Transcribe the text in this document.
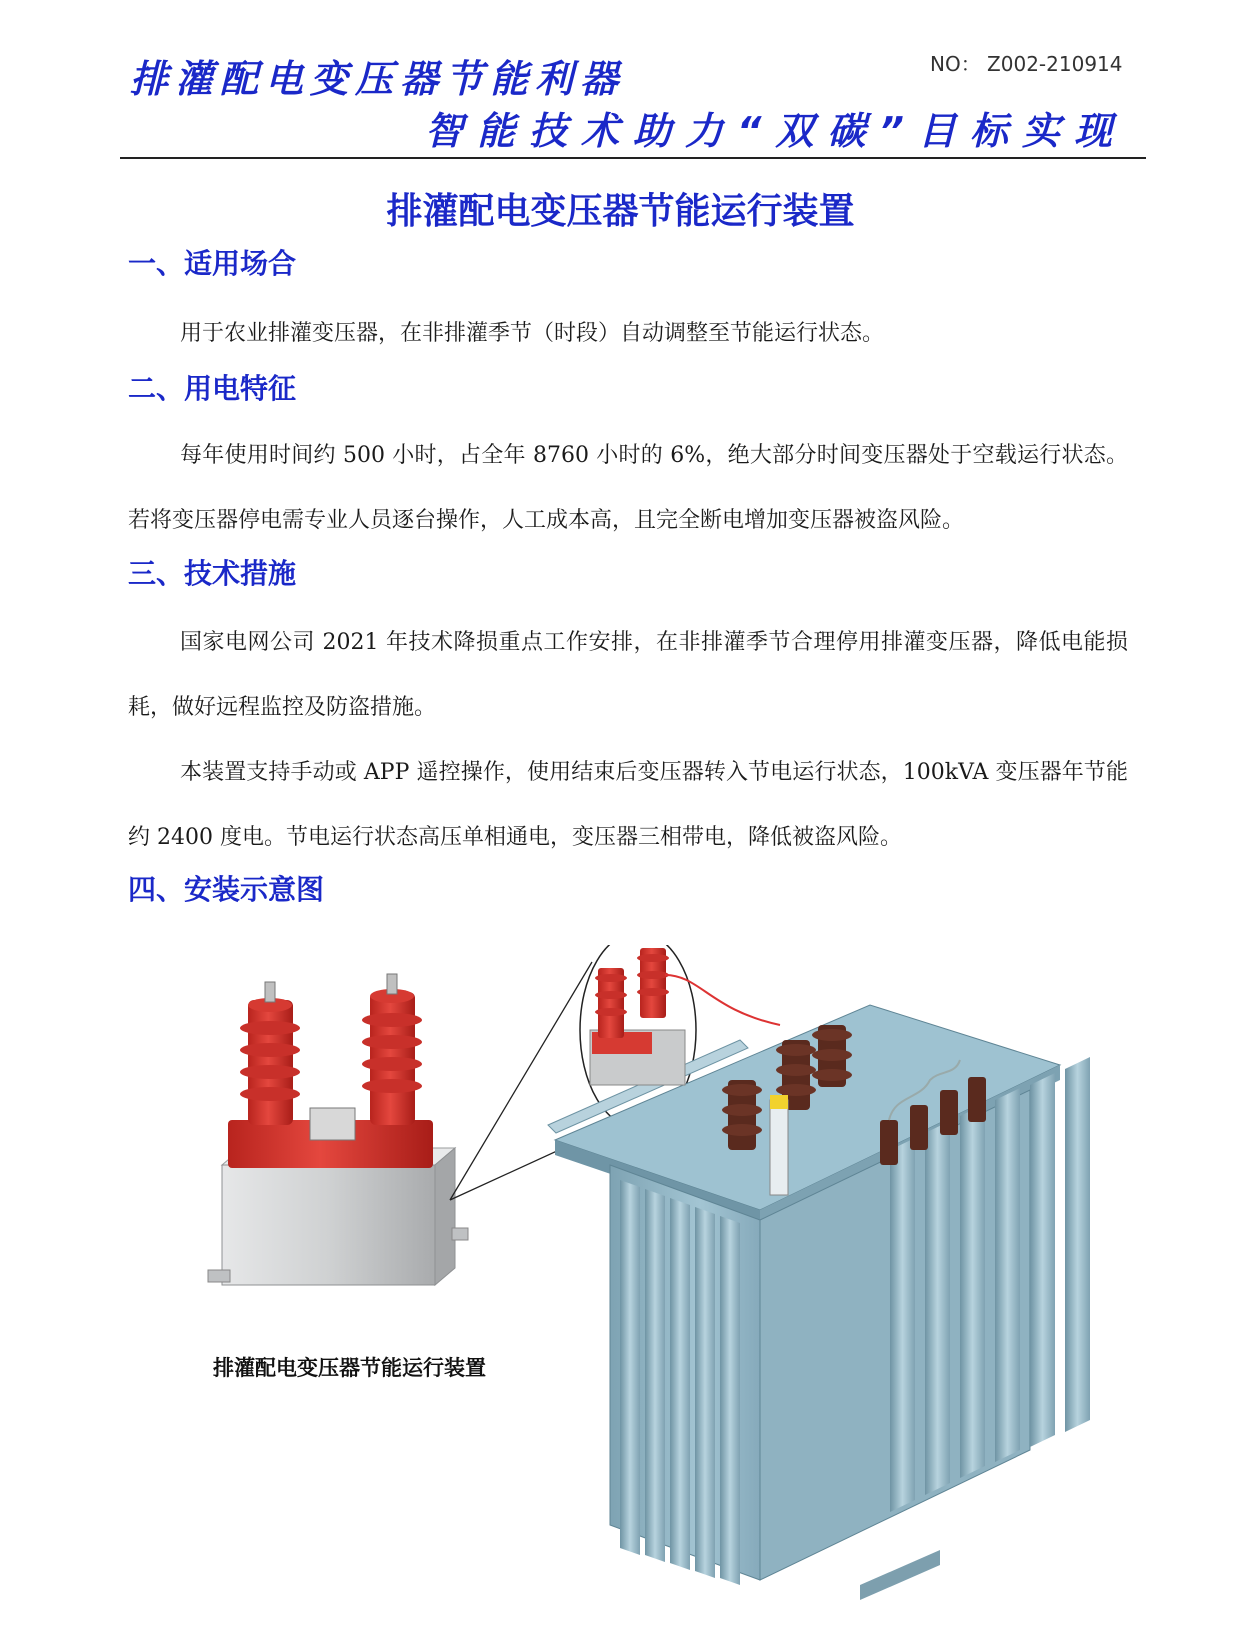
排灌配电变压器节能利器
智能技术助力“双碳”目标实现
NO： Z002-210914
排灌配电变压器节能运行装置
一、适用场合

用于农业排灌变压器，在非排灌季节（时段）自动调整至节能运行状态。

二、用电特征

每年使用时间约 500 小时，占全年 8760 小时的 6%，绝大部分时间变压器处于空载运行状态。若将变压器停电需专业人员逐台操作，人工成本高，且完全断电增加变压器被盗风险。

三、技术措施

国家电网公司 2021 年技术降损重点工作安排，在非排灌季节合理停用排灌变压器，降低电能损耗，做好远程监控及防盗措施。

本装置支持手动或 APP 遥控操作，使用结束后变压器转入节电运行状态，100kVA 变压器年节能约 2400 度电。节电运行状态高压单相通电，变压器三相带电，降低被盗风险。

四、安装示意图
排灌配电变压器节能运行装置
